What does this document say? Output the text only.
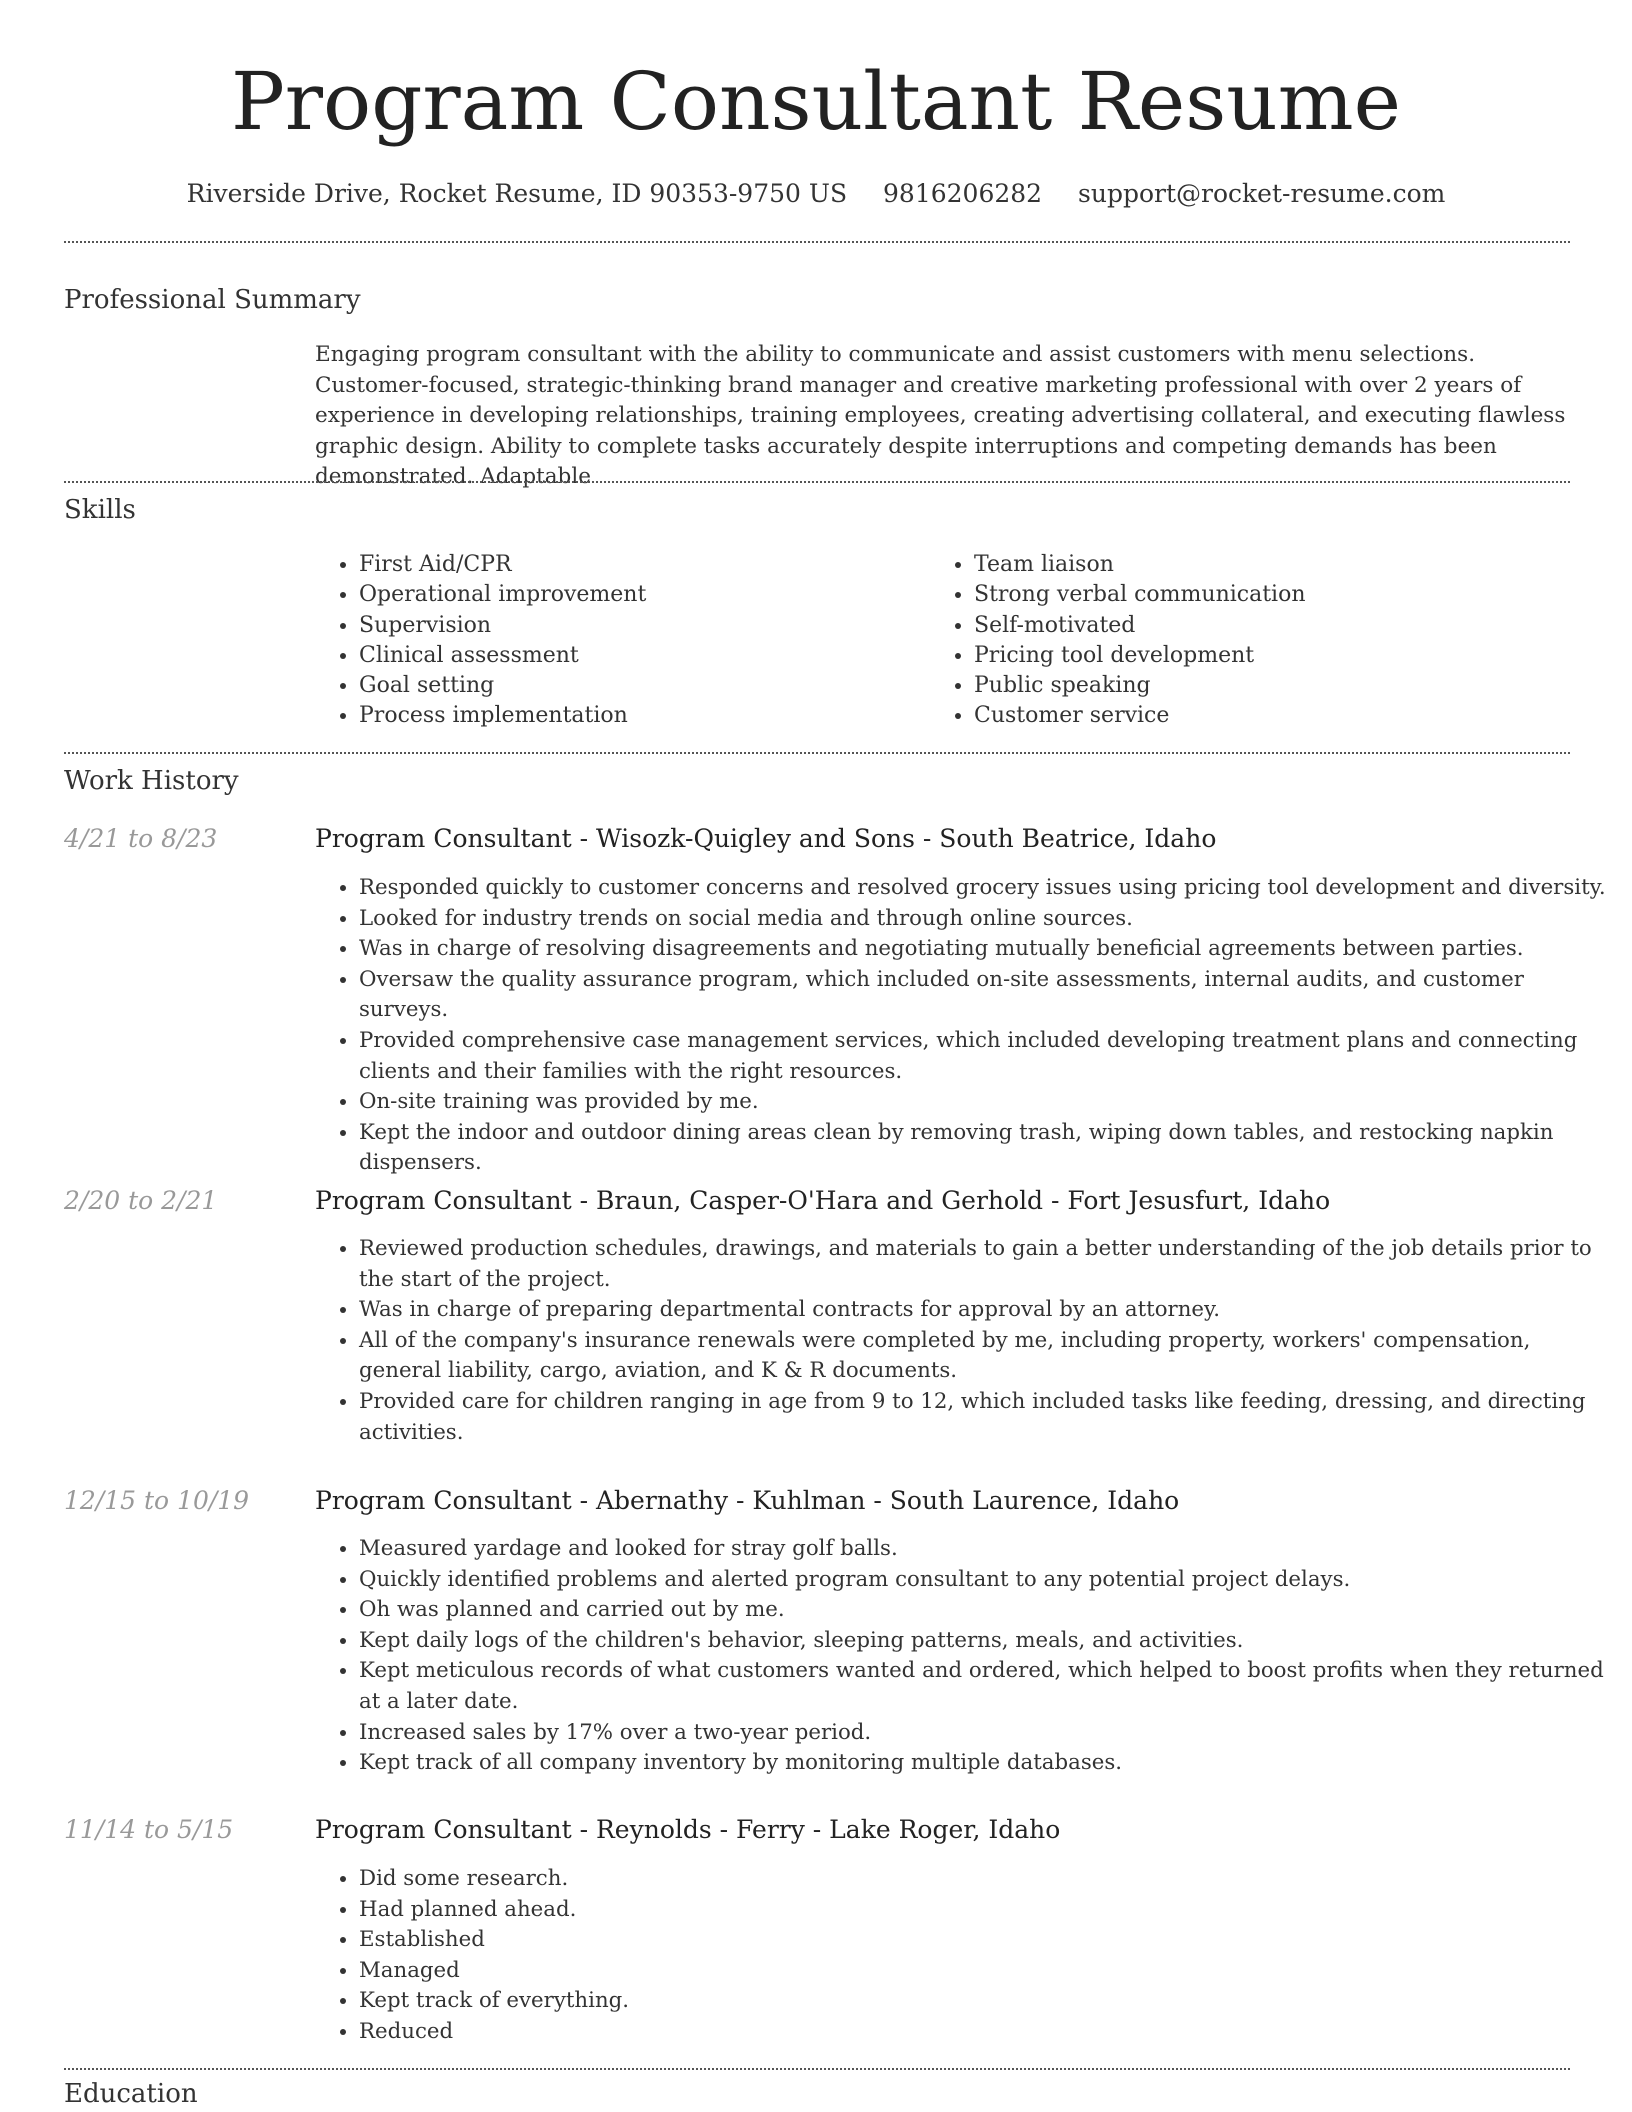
Program Consultant Resume
Riverside Drive, Rocket Resume, ID 90353-9750 US 9816206282 support@rocket-resume.com
Professional Summary

Engaging program consultant with the ability to communicate and assist customers with menu selections. Customer-focused, strategic-thinking brand manager and creative marketing professional with over 2 years of experience in developing relationships, training employees, creating advertising collateral, and executing flawless graphic design. Ability to complete tasks accurately despite interruptions and competing demands has been demonstrated. Adaptable

Skills
• First Aid/CPR
• Operational improvement
• Supervision
• Clinical assessment
• Goal setting
• Process implementation
• Team liaison
• Strong verbal communication
• Self-motivated
• Pricing tool development
• Public speaking
• Customer service
Work History
4/21 to 8/23	Program Consultant - Wisozk-Quigley and Sons - South Beatrice, Idaho
• Responded quickly to customer concerns and resolved grocery issues using pricing tool development and diversity.
• Looked for industry trends on social media and through online sources.
• Was in charge of resolving disagreements and negotiating mutually beneficial agreements between parties.
• Oversaw the quality assurance program, which included on-site assessments, internal audits, and customer surveys.
• Provided comprehensive case management services, which included developing treatment plans and connecting clients and their families with the right resources.
• On-site training was provided by me.
• Kept the indoor and outdoor dining areas clean by removing trash, wiping down tables, and restocking napkin dispensers.
2/20 to 2/21	Program Consultant - Braun, Casper-O'Hara and Gerhold - Fort Jesusfurt, Idaho
• Reviewed production schedules, drawings, and materials to gain a better understanding of the job details prior to the start of the project.
• Was in charge of preparing departmental contracts for approval by an attorney.
• All of the company's insurance renewals were completed by me, including property, workers' compensation, general liability, cargo, aviation, and K & R documents.
• Provided care for children ranging in age from 9 to 12, which included tasks like feeding, dressing, and directing activities.
12/15 to 10/19	Program Consultant - Abernathy - Kuhlman - South Laurence, Idaho
• Measured yardage and looked for stray golf balls.
• Quickly identified problems and alerted program consultant to any potential project delays.
• Oh was planned and carried out by me.
• Kept daily logs of the children's behavior, sleeping patterns, meals, and activities.
• Kept meticulous records of what customers wanted and ordered, which helped to boost profits when they returned at a later date.
• Increased sales by 17% over a two-year period.
• Kept track of all company inventory by monitoring multiple databases.
11/14 to 5/15	Program Consultant - Reynolds - Ferry - Lake Roger, Idaho
• Did some research.
• Had planned ahead.
• Established
• Managed
• Kept track of everything.
• Reduced
Education
